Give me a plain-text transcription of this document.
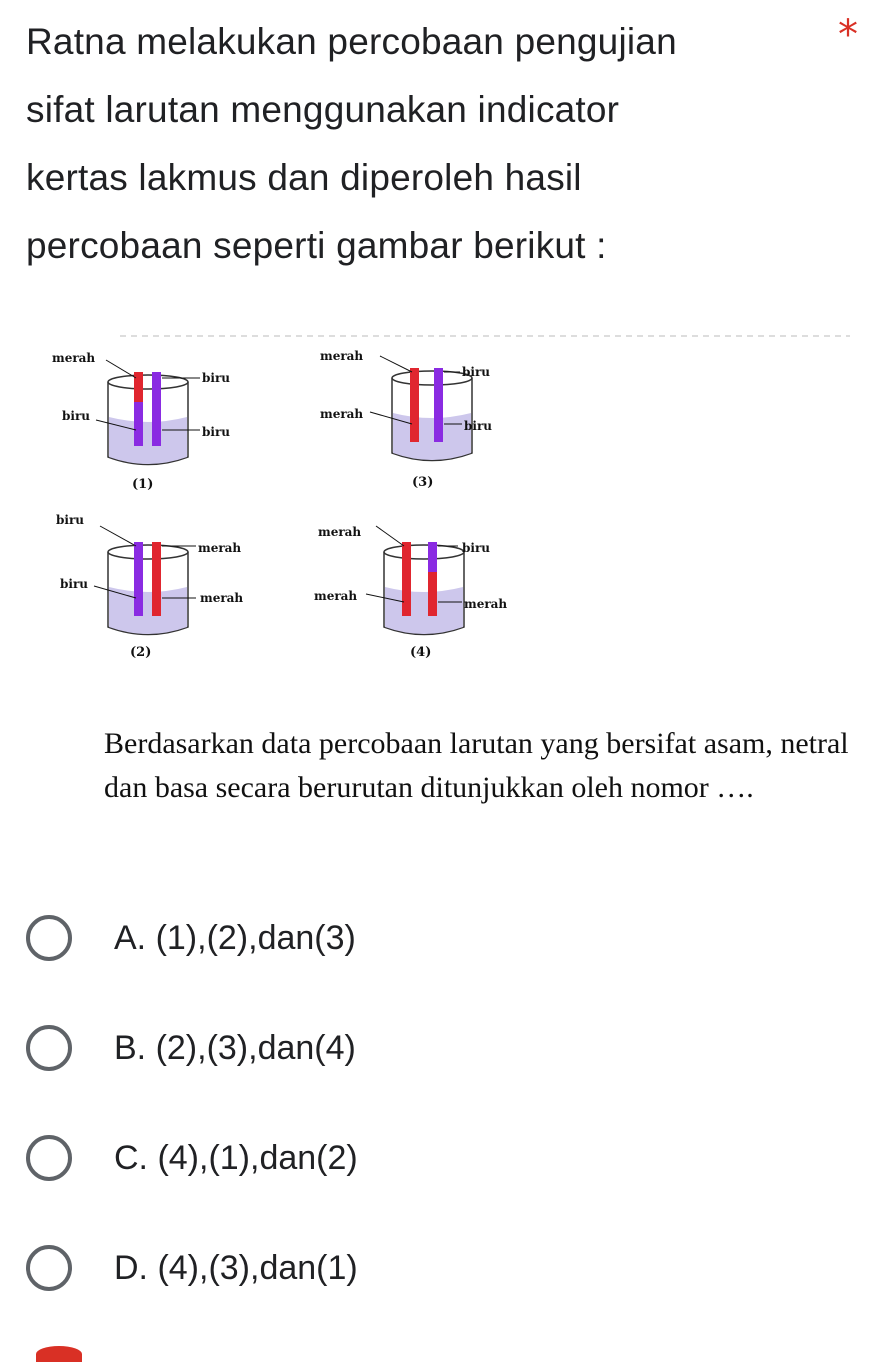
Ratna melakukan percobaan pengujian
sifat larutan menggunakan indicator
kertas lakmus dan diperoleh hasil
percobaan seperti gambar berikut :
*
merah
biru
biru
biru
(1)
merah
biru
merah
biru
(3)
biru
merah
biru
merah
(2)
merah
biru
merah
merah
(4)
Berdasarkan data percobaan larutan yang bersifat asam, netral dan basa secara berurutan ditunjukkan oleh nomor ….
A. (1),(2),dan(3)
B. (2),(3),dan(4)
C. (4),(1),dan(2)
D. (4),(3),dan(1)
